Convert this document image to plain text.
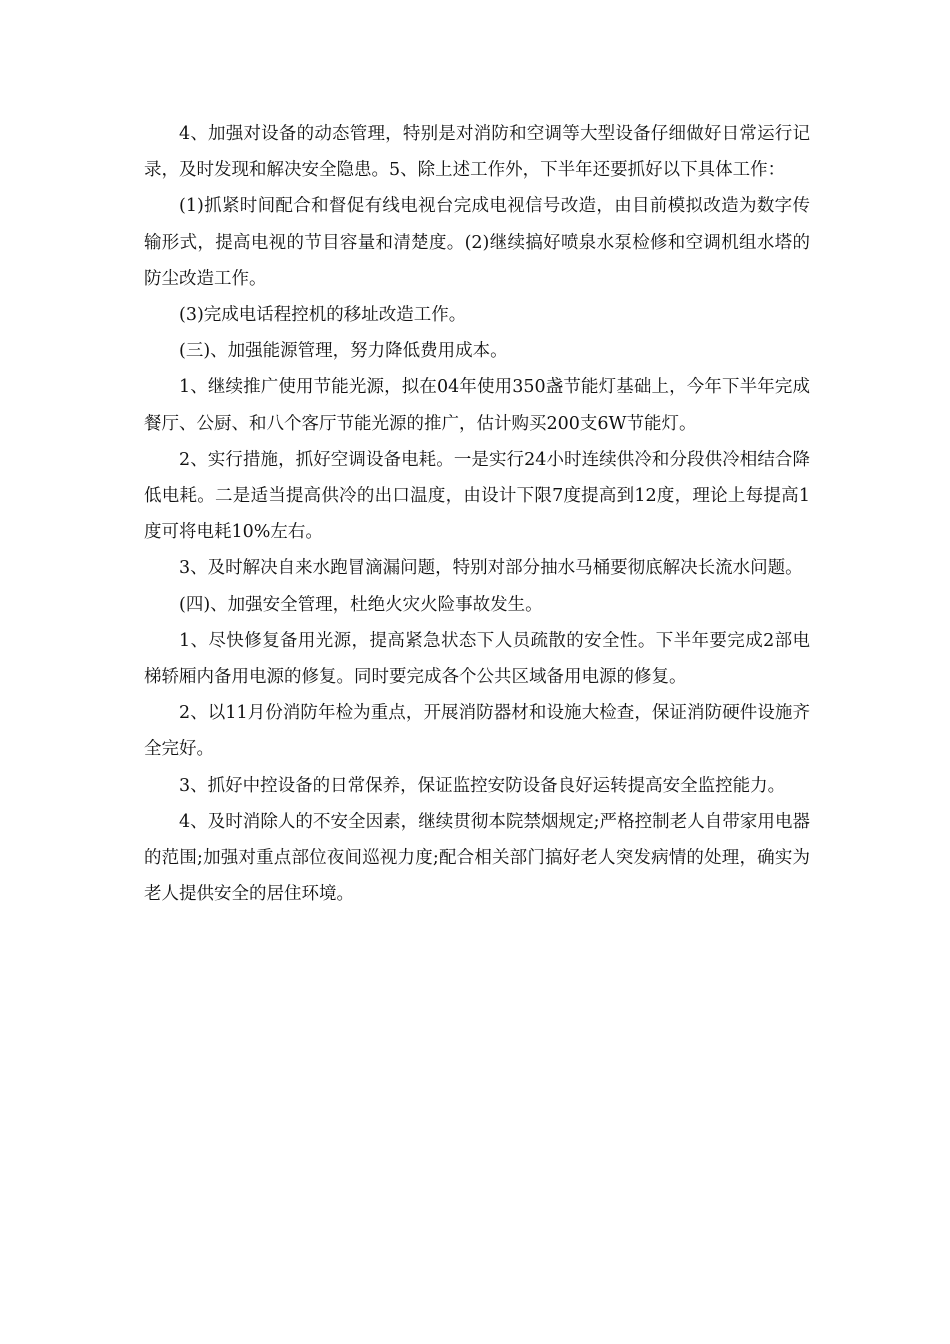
4、加强对设备的动态管理，特别是对消防和空调等大型设备仔细做好日常运行记录，及时发现和解决安全隐患。5、除上述工作外，下半年还要抓好以下具体工作：

(1)抓紧时间配合和督促有线电视台完成电视信号改造，由目前模拟改造为数字传输形式，提高电视的节目容量和清楚度。(2)继续搞好喷泉水泵检修和空调机组水塔的防尘改造工作。

(3)完成电话程控机的移址改造工作。

(三)、加强能源管理，努力降低费用成本。

1、继续推广使用节能光源，拟在04年使用350盏节能灯基础上，今年下半年完成餐厅、公厨、和八个客厅节能光源的推广，估计购买200支6W节能灯。

2、实行措施，抓好空调设备电耗。一是实行24小时连续供冷和分段供冷相结合降低电耗。二是适当提高供冷的出口温度，由设计下限7度提高到12度，理论上每提高1度可将电耗10%左右。

3、及时解决自来水跑冒滴漏问题，特别对部分抽水马桶要彻底解决长流水问题。

(四)、加强安全管理，杜绝火灾火险事故发生。

1、尽快修复备用光源，提高紧急状态下人员疏散的安全性。下半年要完成2部电梯轿厢内备用电源的修复。同时要完成各个公共区域备用电源的修复。

2、以11月份消防年检为重点，开展消防器材和设施大检查，保证消防硬件设施齐全完好。

3、抓好中控设备的日常保养，保证监控安防设备良好运转提高安全监控能力。

4、及时消除人的不安全因素，继续贯彻本院禁烟规定;严格控制老人自带家用电器的范围;加强对重点部位夜间巡视力度;配合相关部门搞好老人突发病情的处理，确实为老人提供安全的居住环境。
